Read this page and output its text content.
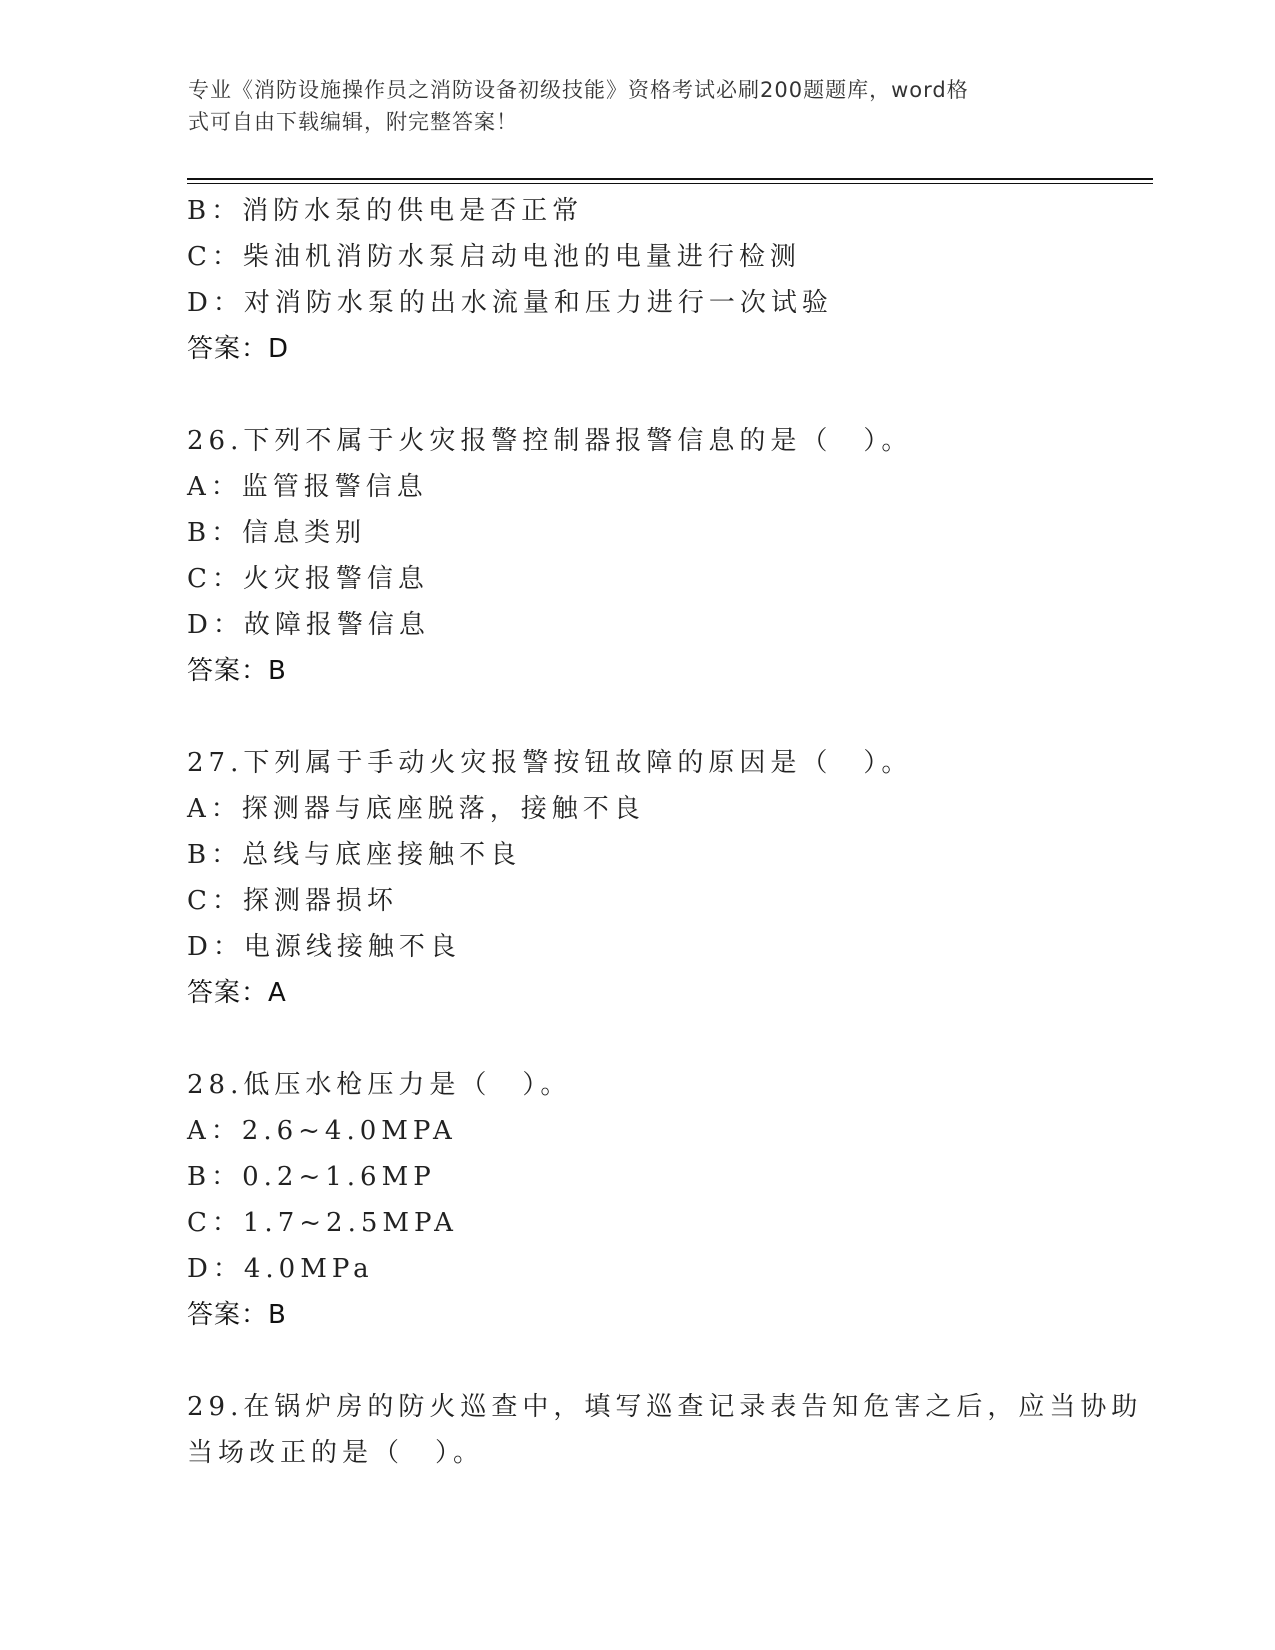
专业《消防设施操作员之消防设备初级技能》资格考试必刷200题题库，word格
式可自由下载编辑，附完整答案！
B：消防水泵的供电是否正常
C：柴油机消防水泵启动电池的电量进行检测
D：对消防水泵的出水流量和压力进行一次试验
答案：D
26.下列不属于火灾报警控制器报警信息的是（　）。
A：监管报警信息
B：信息类别
C：火灾报警信息
D：故障报警信息
答案：B
27.下列属于手动火灾报警按钮故障的原因是（　）。
A：探测器与底座脱落，接触不良
B：总线与底座接触不良
C：探测器损坏
D：电源线接触不良
答案：A
28.低压水枪压力是（　）。
A：2.6~4.0MPA
B：0.2~1.6MP
C：1.7~2.5MPA
D：4.0MPa
答案：B
29.在锅炉房的防火巡查中，填写巡查记录表告知危害之后，应当协助
当场改正的是（　）。
